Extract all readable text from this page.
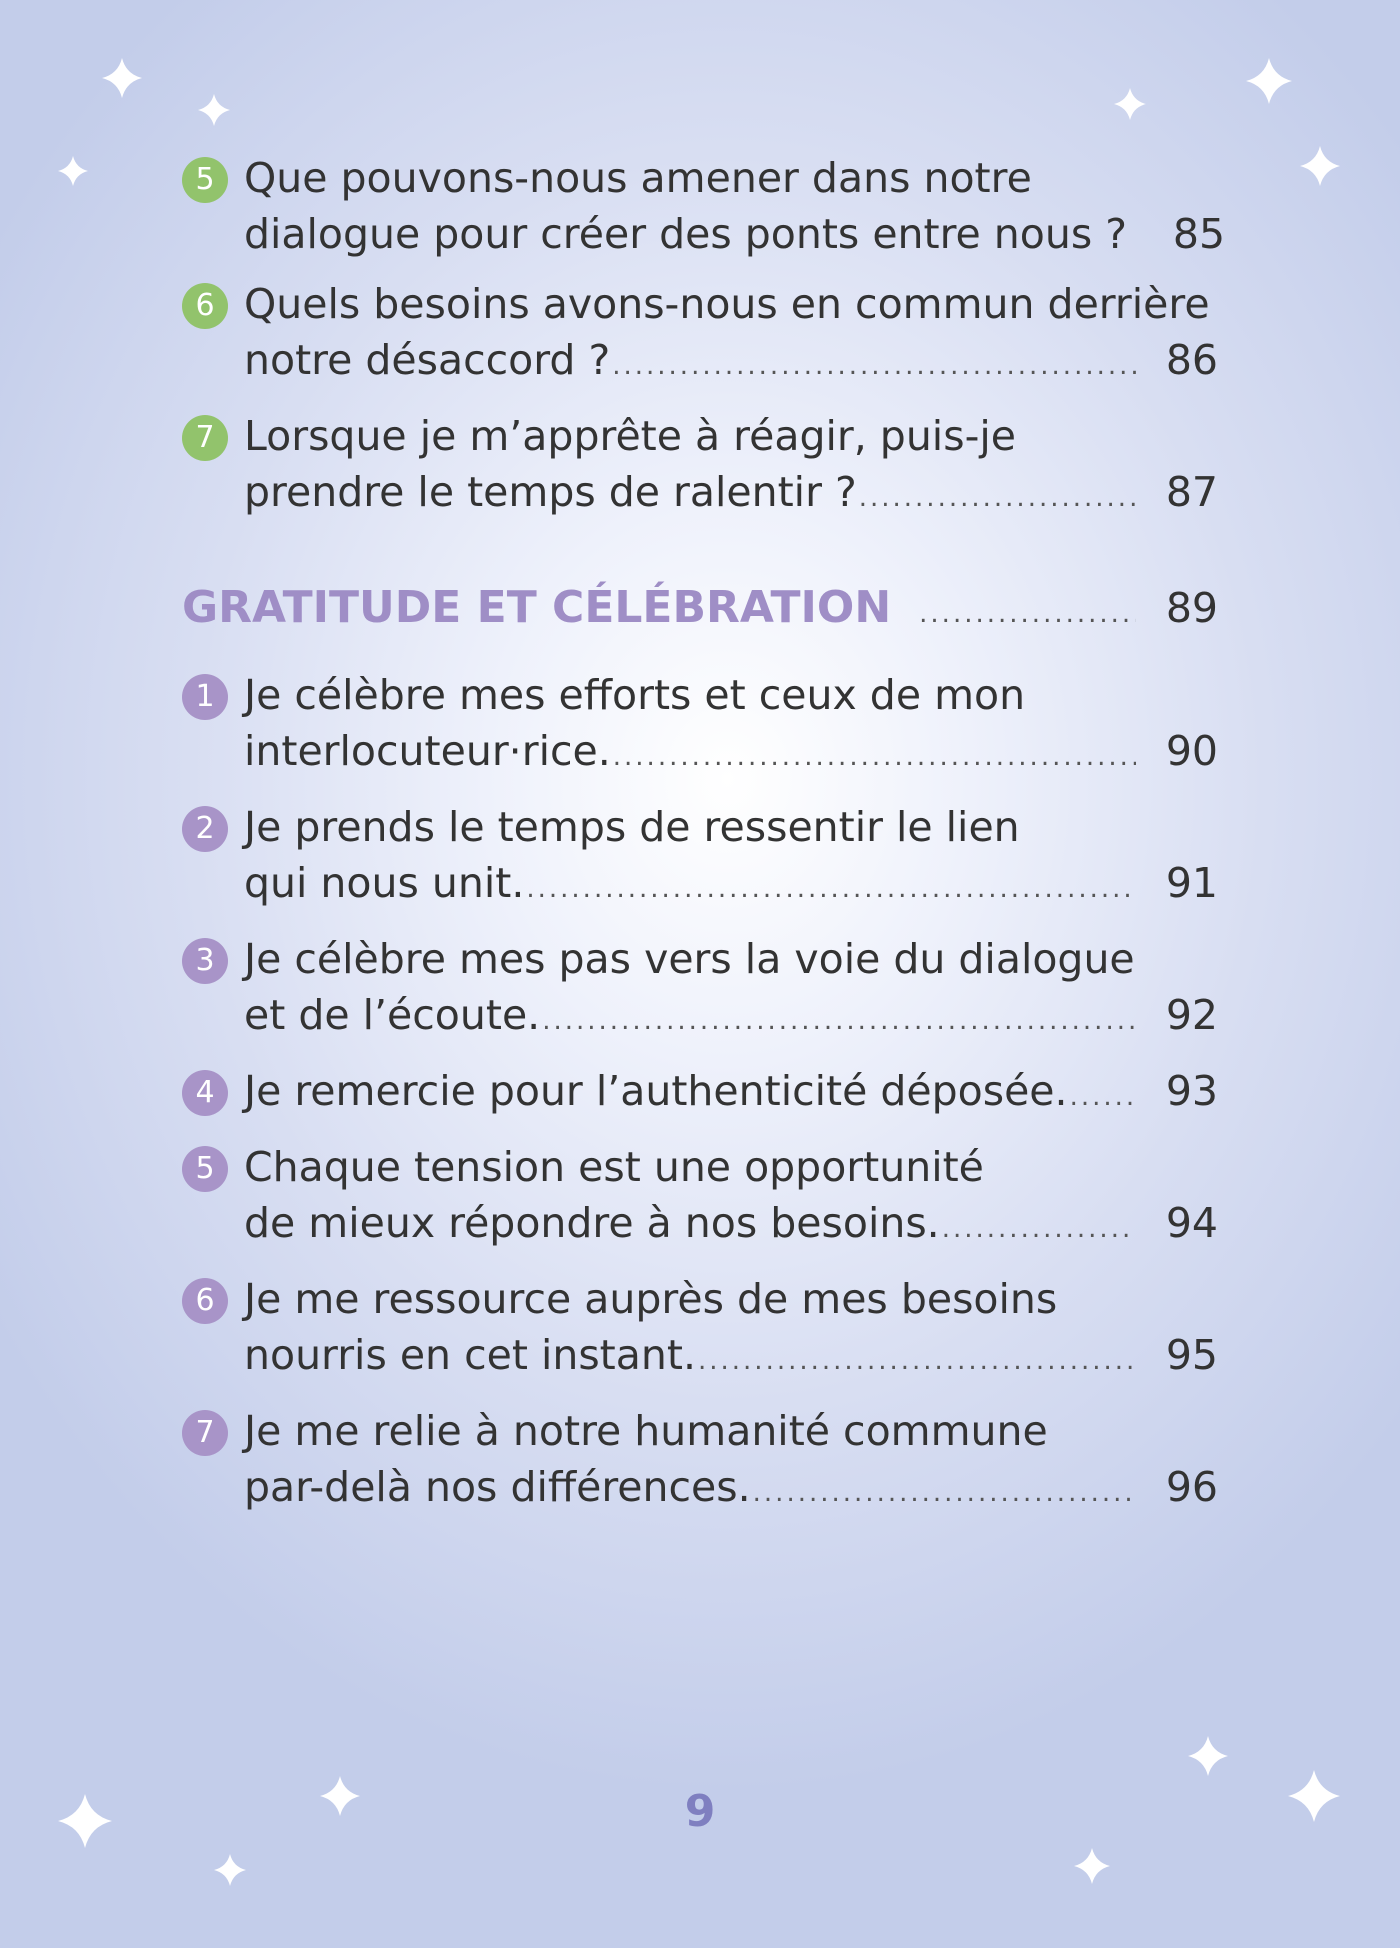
5 Que pouvons-nous amener dans notre
dialogue pour créer des ponts entre nous ?	85
6 Quels besoins avons-nous en commun derrière
notre désaccord ? .....	86
7 Lorsque je m’apprête à réagir, puis-je
prendre le temps de ralentir ? .....	87
GRATITUDE ET CÉLÉBRATION .....	89
1 Je célèbre mes efforts et ceux de mon
interlocuteur·rice. .....	90
2 Je prends le temps de ressentir le lien
qui nous unit. .....	91
3 Je célèbre mes pas vers la voie du dialogue
et de l’écoute. .....	92
4 Je remercie pour l’authenticité déposée. .....	93
5 Chaque tension est une opportunité
de mieux répondre à nos besoins. .....	94
6 Je me ressource auprès de mes besoins
nourris en cet instant. .....	95
7 Je me relie à notre humanité commune
par-delà nos différences. .....	96
9
